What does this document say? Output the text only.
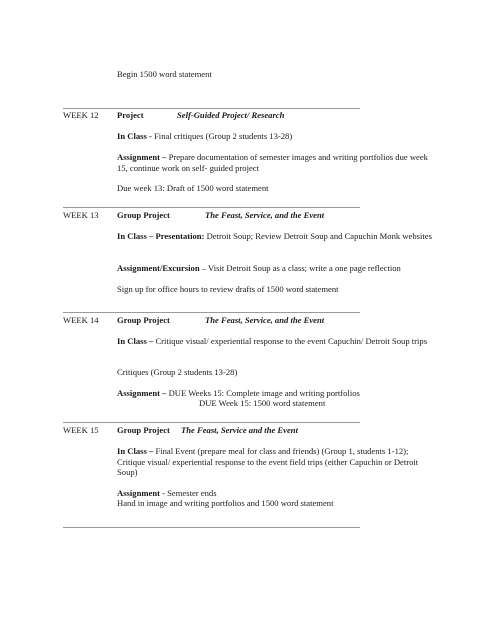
Begin 1500 word statement
WEEK 12 Project	Self-Guided Project/ Research
In Class - Final critiques (Group 2 students 13-28)
Assignment – Prepare documentation of semester images and writing portfolios due week 15, continue work on self- guided project
Due week 13: Draft of 1500 word statement
WEEK 13 Group Project	The Feast, Service, and the Event
In Class – Presentation: Detroit Soup; Review Detroit Soup and Capuchin Monk websites
Assignment/Excursion – Visit Detroit Soup as a class; write a one page reflection
Sign up for office hours to review drafts of 1500 word statement
WEEK 14 Group Project	The Feast, Service, and the Event
In Class – Critique visual/ experiential response to the event Capuchin/ Detroit Soup trips
Critiques (Group 2 students 13-28)
Assignment – DUE Weeks 15: Complete image and writing portfolios
DUE Week 15: 1500 word statement
WEEK 15 Group Project The Feast, Service and the Event
In Class – Final Event (prepare meal for class and friends) (Group 1, students 1-12); Critique visual/ experiential response to the event field trips (either Capuchin or Detroit Soup)
Assignment - Semester ends
Hand in image and writing portfolios and 1500 word statement
